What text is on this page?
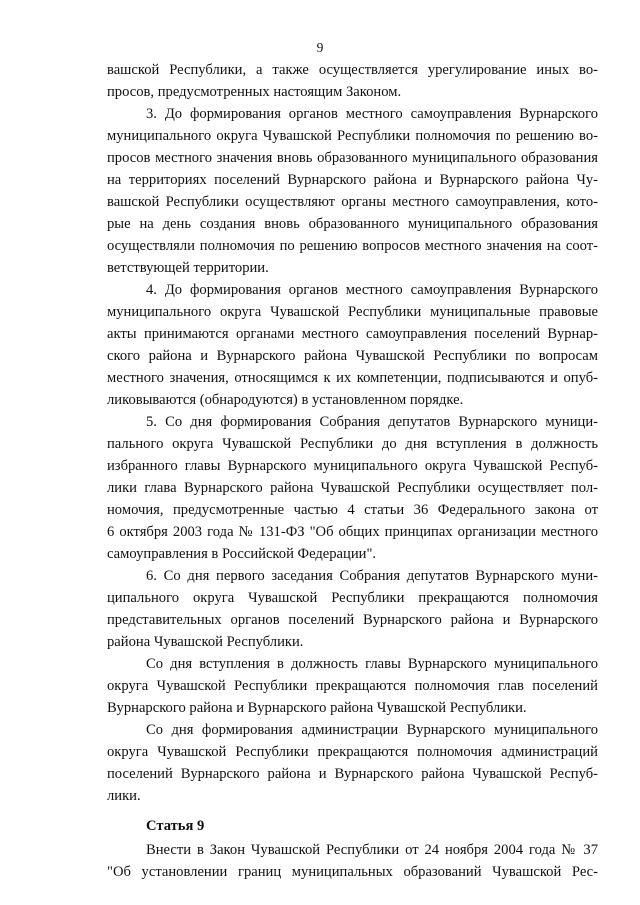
9
вашской Республики, а также осуществляется урегулирование иных во-
просов, предусмотренных настоящим Законом.
3. До формирования органов местного самоуправления Вурнарского
муниципального округа Чувашской Республики полномочия по решению во-
просов местного значения вновь образованного муниципального образования
на территориях поселений Вурнарского района и Вурнарского района Чу-
вашской Республики осуществляют органы местного самоуправления, кото-
рые на день создания вновь образованного муниципального образования
осуществляли полномочия по решению вопросов местного значения на соот-
ветствующей территории.
4. До формирования органов местного самоуправления Вурнарского
муниципального округа Чувашской Республики муниципальные правовые
акты принимаются органами местного самоуправления поселений Вурнар-
ского района и Вурнарского района Чувашской Республики по вопросам
местного значения, относящимся к их компетенции, подписываются и опуб-
ликовываются (обнародуются) в установленном порядке.
5. Со дня формирования Собрания депутатов Вурнарского муници-
пального округа Чувашской Республики до дня вступления в должность
избранного главы Вурнарского муниципального округа Чувашской Респуб-
лики глава Вурнарского района Чувашской Республики осуществляет пол-
номочия, предусмотренные частью 4 статьи 36 Федерального закона от
6 октября 2003 года № 131-ФЗ "Об общих принципах организации местного
самоуправления в Российской Федерации".
6. Со дня первого заседания Собрания депутатов Вурнарского муни-
ципального округа Чувашской Республики прекращаются полномочия
представительных органов поселений Вурнарского района и Вурнарского
района Чувашской Республики.
Со дня вступления в должность главы Вурнарского муниципального
округа Чувашской Республики прекращаются полномочия глав поселений
Вурнарского района и Вурнарского района Чувашской Республики.
Со дня формирования администрации Вурнарского муниципального
округа Чувашской Республики прекращаются полномочия администраций
поселений Вурнарского района и Вурнарского района Чувашской Респуб-
лики.
Статья 9
Внести в Закон Чувашской Республики от 24 ноября 2004 года № 37
"Об установлении границ муниципальных образований Чувашской Рес-
